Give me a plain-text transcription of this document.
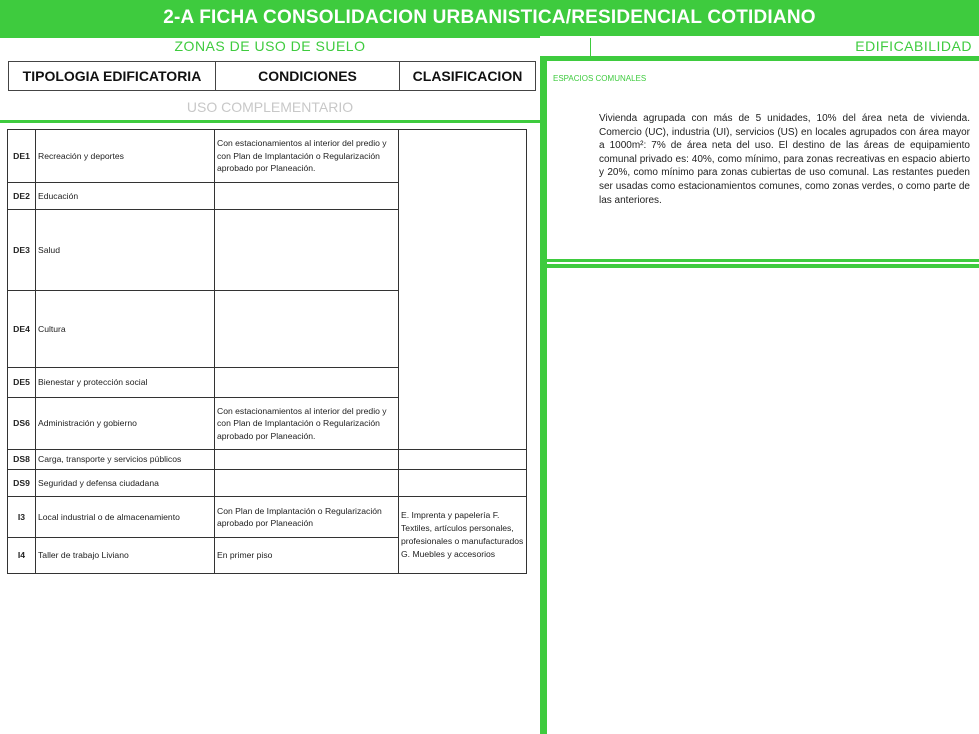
2-A FICHA CONSOLIDACION URBANISTICA/RESIDENCIAL COTIDIANO
ZONAS DE USO DE SUELO	EDIFICABILIDAD
TIPOLOGIA EDIFICATORIA	CONDICIONES	CLASIFICACION
USO COMPLEMENTARIO
DE1	Recreación y deportes	Con estacionamientos al interior del predio y con Plan de Implantación o Regularización aprobado por Planeación.	
DE2	Educación		
DE3	Salud		
DE4	Cultura		
DE5	Bienestar y protección social		
DS6	Administración y gobierno	Con estacionamientos al interior del predio y con Plan de Implantación o Regularización aprobado por Planeación.	
DS8	Carga, transporte y servicios públicos		
DS9	Seguridad y defensa ciudadana		
I3	Local industrial o de almacenamiento	Con Plan de Implantación o Regularización aprobado por Planeación	E. Imprenta y papelería F. Textiles, artículos personales, profesionales o manufacturados G. Muebles y accesorios
I4	Taller de trabajo Liviano	En primer piso	
ESPACIOS COMUNALES
Vivienda agrupada con más de 5 unidades, 10% del área neta de vivienda. Comercio (UC), industria (UI), servicios (US) en locales agrupados con área mayor a 1000m²: 7% de área neta del uso. El destino de las áreas de equipamiento comunal privado es: 40%, como mínimo, para zonas recreativas en espacio abierto y 20%, como mínimo para zonas cubiertas de uso comunal. Las restantes pueden ser usadas como estacionamientos comunes, como zonas verdes, o como parte de las anteriores.
